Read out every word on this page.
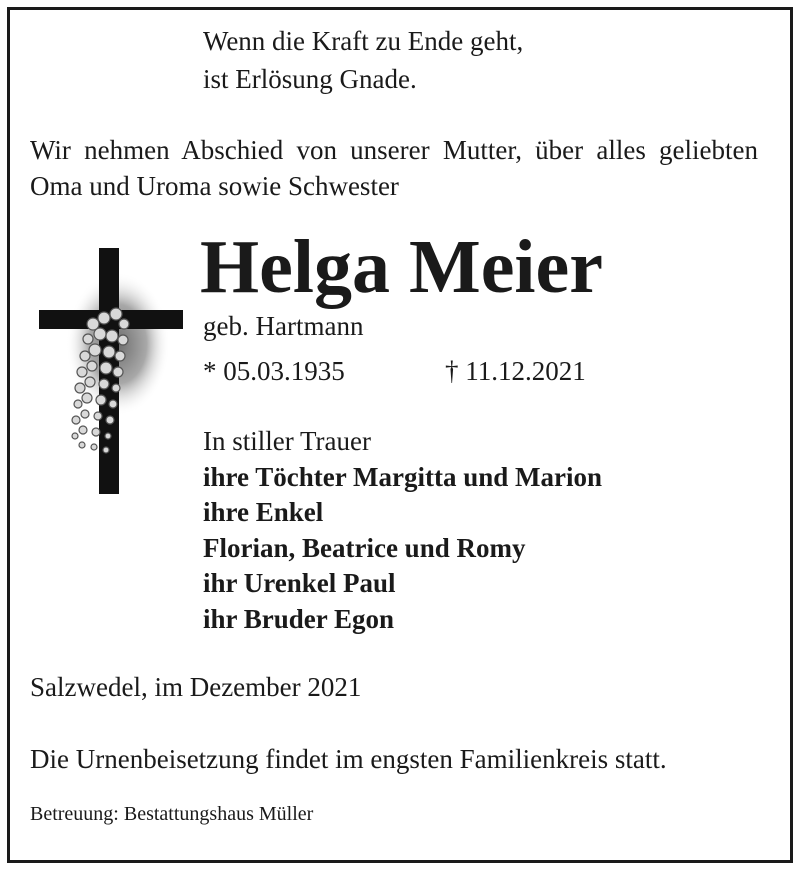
Wenn die Kraft zu Ende geht,
ist Erlösung Gnade.
Wir nehmen Abschied von unserer Mutter, über alles geliebten Oma und Uroma sowie Schwester
Helga Meier
geb. Hartmann
* 05.03.1935	† 11.12.2021
In stiller Trauer
ihre Töchter Margitta und Marion
ihre Enkel
Florian, Beatrice und Romy
ihr Urenkel Paul
ihr Bruder Egon
Salzwedel, im Dezember 2021
Die Urnenbeisetzung findet im engsten Familienkreis statt.
Betreuung: Bestattungshaus Müller
